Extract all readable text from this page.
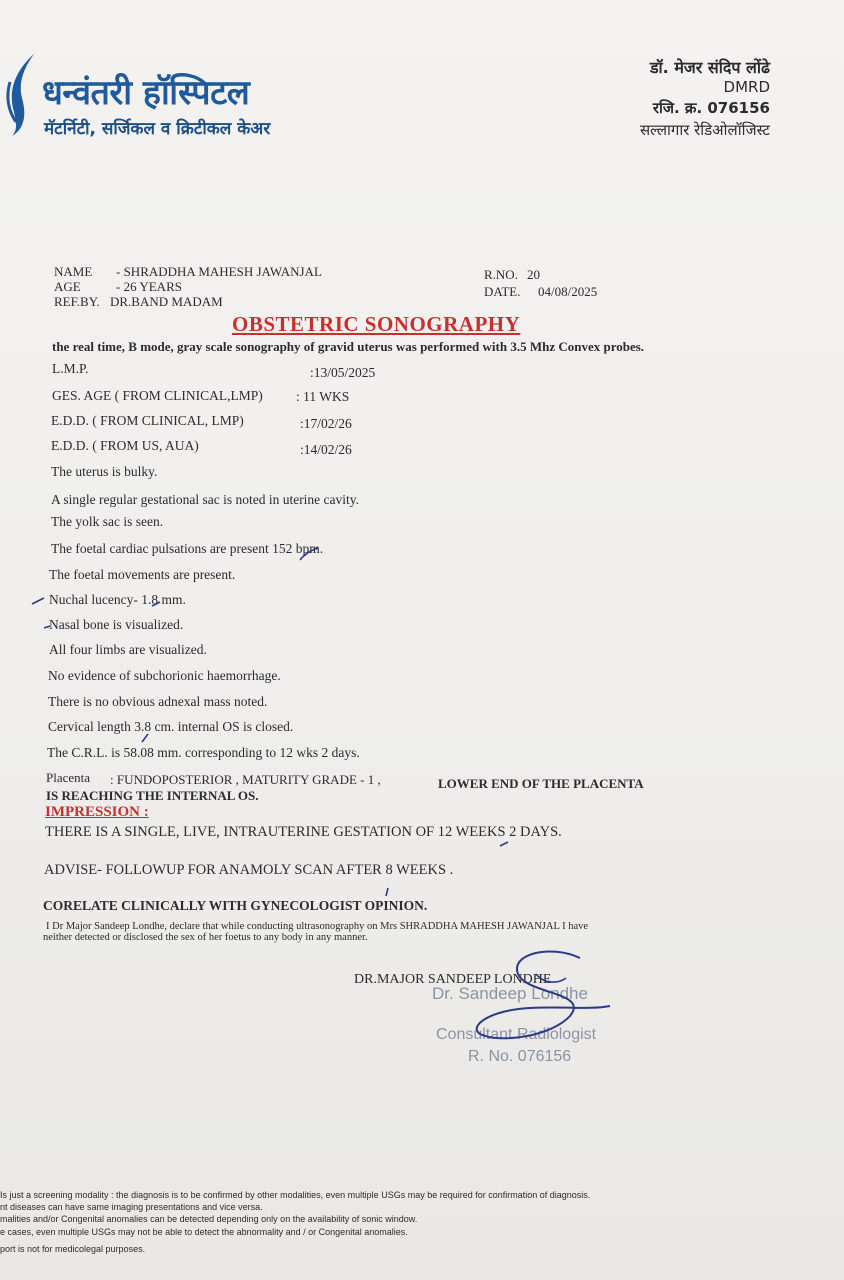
धन्वंतरी हॉस्पिटल
मॅटर्निटी, सर्जिकल व क्रिटीकल केअर
डॉ. मेजर संदिप लोंढे
DMRD
रजि. क्र. 076156
सल्लागार रेडिओलॉजिस्ट
NAME - SHRADDHA MAHESH JAWANJAL
AGE	- 26 YEARS
REF.BY. DR.BAND MADAM
R.NO. 20
DATE. 04/08/2025
OBSTETRIC SONOGRAPHY
the real time, B mode, gray scale sonography of gravid uterus was performed with 3.5 Mhz Convex probes.
L.M.P.	:13/05/2025
GES. AGE ( FROM CLINICAL,LMP) : 11 WKS
E.D.D. ( FROM CLINICAL, LMP)	:17/02/26
E.D.D. ( FROM US, AUA)	:14/02/26
The uterus is bulky.
A single regular gestational sac is noted in uterine cavity.
The yolk sac is seen.
The foetal cardiac pulsations are present 152 bpm.
The foetal movements are present.
Nuchal lucency- 1.8 mm.
Nasal bone is visualized.
All four limbs are visualized.
No evidence of subchorionic haemorrhage.
There is no obvious adnexal mass noted.
Cervical length 3.8 cm. internal OS is closed.
The C.R.L. is 58.08 mm. corresponding to 12 wks 2 days.
Placenta : FUNDOPOSTERIOR , MATURITY GRADE - 1 ,	LOWER END OF THE PLACENTA
IS REACHING THE INTERNAL OS.
IMPRESSION :
THERE IS A SINGLE, LIVE, INTRAUTERINE GESTATION OF 12 WEEKS 2 DAYS.
ADVISE- FOLLOWUP FOR ANAMOLY SCAN AFTER 8 WEEKS .
CORELATE CLINICALLY WITH GYNECOLOGIST OPINION.
I Dr Major Sandeep Londhe, declare that while conducting ultrasonography on Mrs SHRADDHA MAHESH JAWANJAL I have
neither detected or disclosed the sex of her foetus to any body in any manner.
DR.MAJOR SANDEEP LONDHE
Dr. Sandeep Londhe
Consultant Radiologist
R. No. 076156
Is just a screening modality : the diagnosis is to be confirmed by other modalities, even multiple USGs may be required for confirmation of diagnosis.
nt diseases can have same imaging presentations and vice versa.
malities and/or Congenital anomalies can be detected depending only on the availability of sonic window.
e cases, even multiple USGs may not be able to detect the abnormality and / or Congenital anomalies.
port is not for medicolegal purposes.
